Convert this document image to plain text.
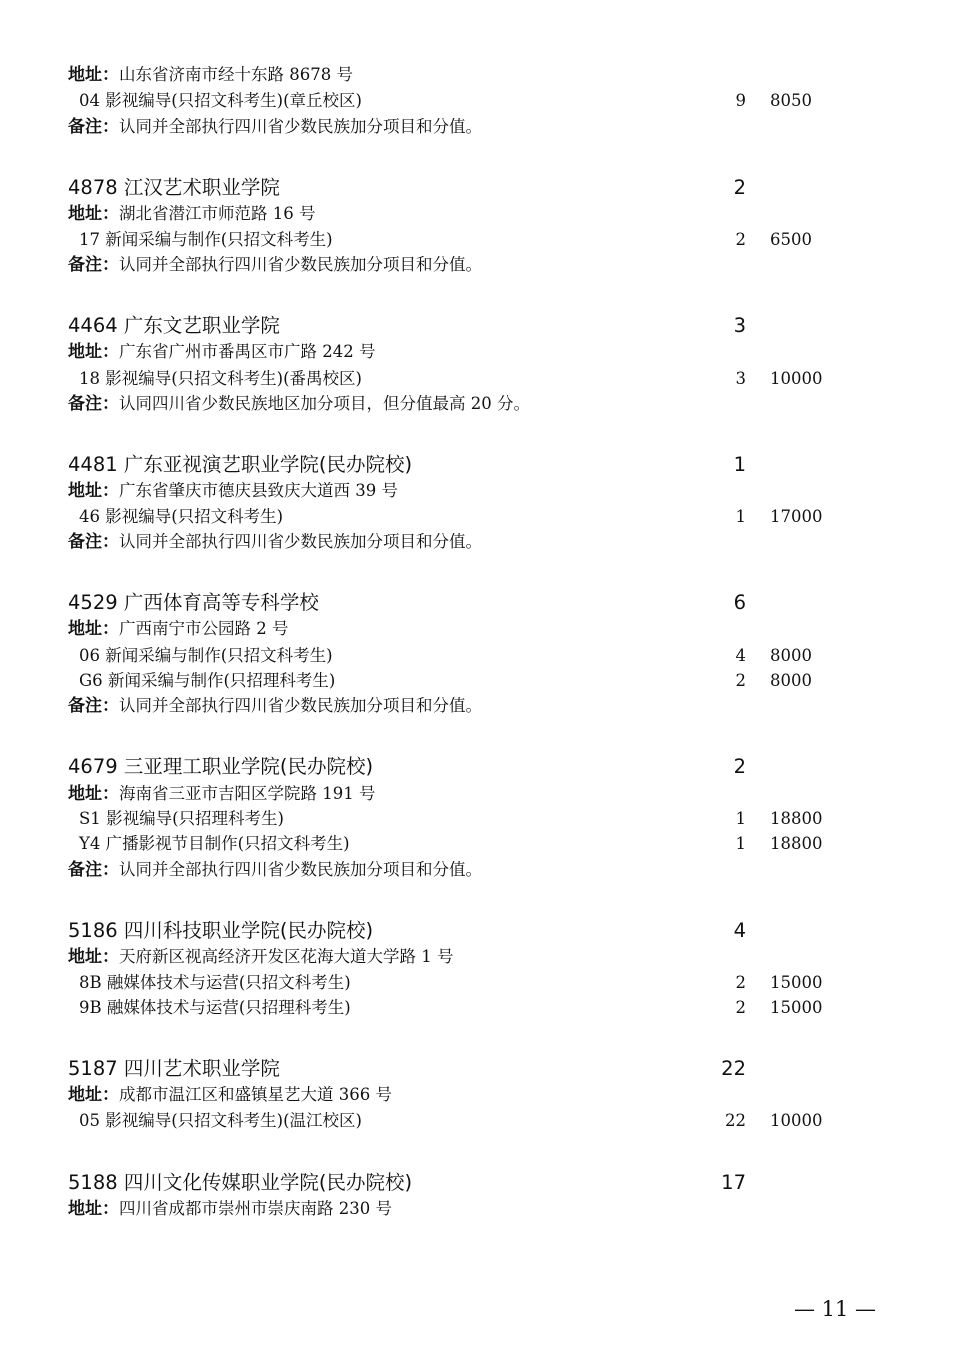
地址：山东省济南市经十东路 8678 号
04 影视编导(只招文科考生)(章丘校区)	9 8050
备注：认同并全部执行四川省少数民族加分项目和分值。
4878 江汉艺术职业学院	2
地址：湖北省潜江市师范路 16 号
17 新闻采编与制作(只招文科考生)	2 6500
备注：认同并全部执行四川省少数民族加分项目和分值。
4464 广东文艺职业学院	3
地址：广东省广州市番禺区市广路 242 号
18 影视编导(只招文科考生)(番禺校区)	3 10000
备注：认同四川省少数民族地区加分项目，但分值最高 20 分。
4481 广东亚视演艺职业学院(民办院校)	1
地址：广东省肇庆市德庆县致庆大道西 39 号
46 影视编导(只招文科考生)	1 17000
备注：认同并全部执行四川省少数民族加分项目和分值。
4529 广西体育高等专科学校	6
地址：广西南宁市公园路 2 号
06 新闻采编与制作(只招文科考生)	4 8000
G6 新闻采编与制作(只招理科考生)	2 8000
备注：认同并全部执行四川省少数民族加分项目和分值。
4679 三亚理工职业学院(民办院校)	2
地址：海南省三亚市吉阳区学院路 191 号
S1 影视编导(只招理科考生)	1 18800
Y4 广播影视节目制作(只招文科考生)	1 18800
备注：认同并全部执行四川省少数民族加分项目和分值。
5186 四川科技职业学院(民办院校)	4
地址：天府新区视高经济开发区花海大道大学路 1 号
8B 融媒体技术与运营(只招文科考生)	2 15000
9B 融媒体技术与运营(只招理科考生)	2 15000
5187 四川艺术职业学院	22
地址：成都市温江区和盛镇星艺大道 366 号
05 影视编导(只招文科考生)(温江校区)	22 10000
5188 四川文化传媒职业学院(民办院校)	17
地址：四川省成都市崇州市崇庆南路 230 号
— 11 —
